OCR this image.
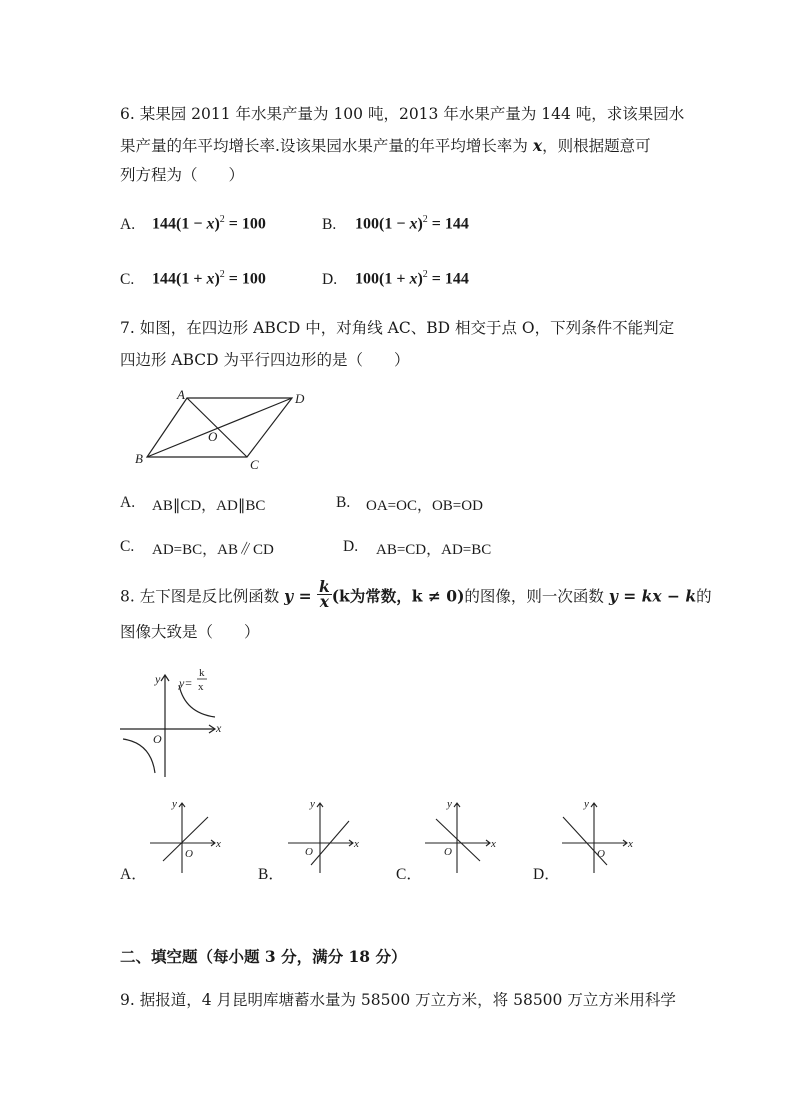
6. 某果园 2011 年水果产量为 100 吨，2013 年水果产量为 144 吨，求该果园水
果产量的年平均增长率.设该果园水果产量的年平均增长率为 x，则根据题意可
列方程为（　　）
A. $144(1 - x)^2 = 100$	B. $100(1 - x)^2 = 144$
C. $144(1 + x)^2 = 100$	D. $100(1 + x)^2 = 144$
7. 如图，在四边形 ABCD 中，对角线 AC、BD 相交于点 O，下列条件不能判定
四边形 ABCD 为平行四边形的是（　　）
A	D
B	C
O
A. AB∥CD，AD∥BC	B. OA=OC，OB=OD
C. AD=BC，AB∥CD	D. AB=CD，AD=BC
8. 左下图是反比例函数 $y = \frac{k}{x} (k$为常数，k ≠ 0)的图像，则一次函数 y = kx − k的
图像大致是（　　）
y
x
O
y=
k
x
y
x
O
y
x
O
y
x
O
y
x
O
A．	B．	C．	D．
二、填空题（每小题 3 分，满分 18 分）
9. 据报道，4 月昆明库塘蓄水量为 58500 万立方米，将 58500 万立方米用科学
